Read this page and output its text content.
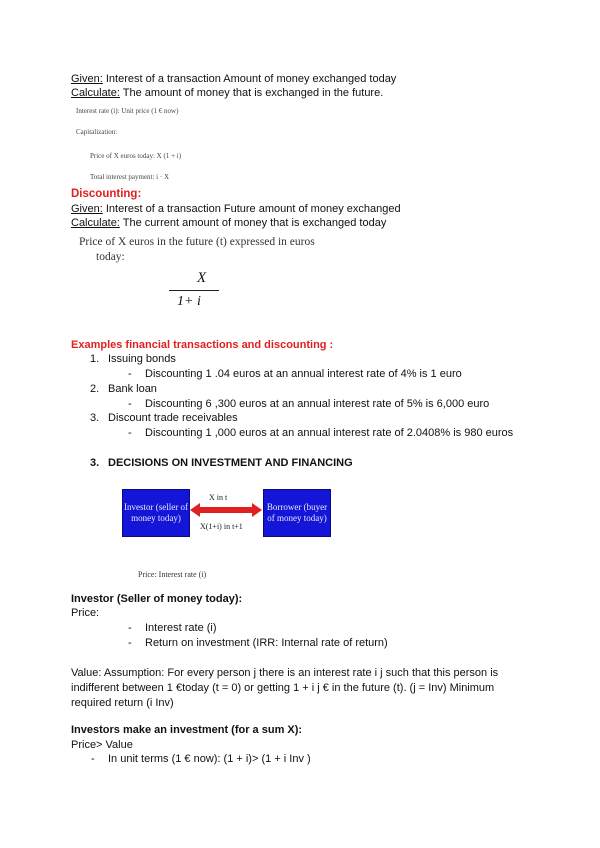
Given: Interest of a transaction Amount of money exchanged today
Calculate: The amount of money that is exchanged in the future.
Interest rate (i): Unit price (1 € now)
Capitalization:
Price of X euros today: X (1 + i)
Total interest payment: i · X
Discounting:
Given: Interest of a transaction Future amount of money exchanged
Calculate: The current amount of money that is exchanged today
Price of X euros in the future (t) expressed in euros
today:
X
1+ i
Examples financial transactions and discounting :
1. Issuing bonds
- Discounting 1 .04 euros at an annual interest rate of 4% is 1 euro
2. Bank loan
- Discounting 6 ,300 euros at an annual interest rate of 5% is 6,000 euro
3. Discount trade receivables
- Discounting 1 ,000 euros at an annual interest rate of 2.0408% is 980 euros
3. DECISIONS ON INVESTMENT AND FINANCING
Investor (seller of money today)
Borrower (buyer of money today)
X in t
X(1+i) in t+1
Price: Interest rate (i)
Investor (Seller of money today):
Price:
- Interest rate (i)
- Return on investment (IRR: Internal rate of return)
Value: Assumption: For every person j there is an interest rate i j such that this person is indifferent between 1 €today (t = 0) or getting 1 + i j € in the future (t). (j = Inv) Minimum required return (i Inv)
Investors make an investment (for a sum X):
Price> Value
- In unit terms (1 € now): (1 + i)> (1 + i Inv )
